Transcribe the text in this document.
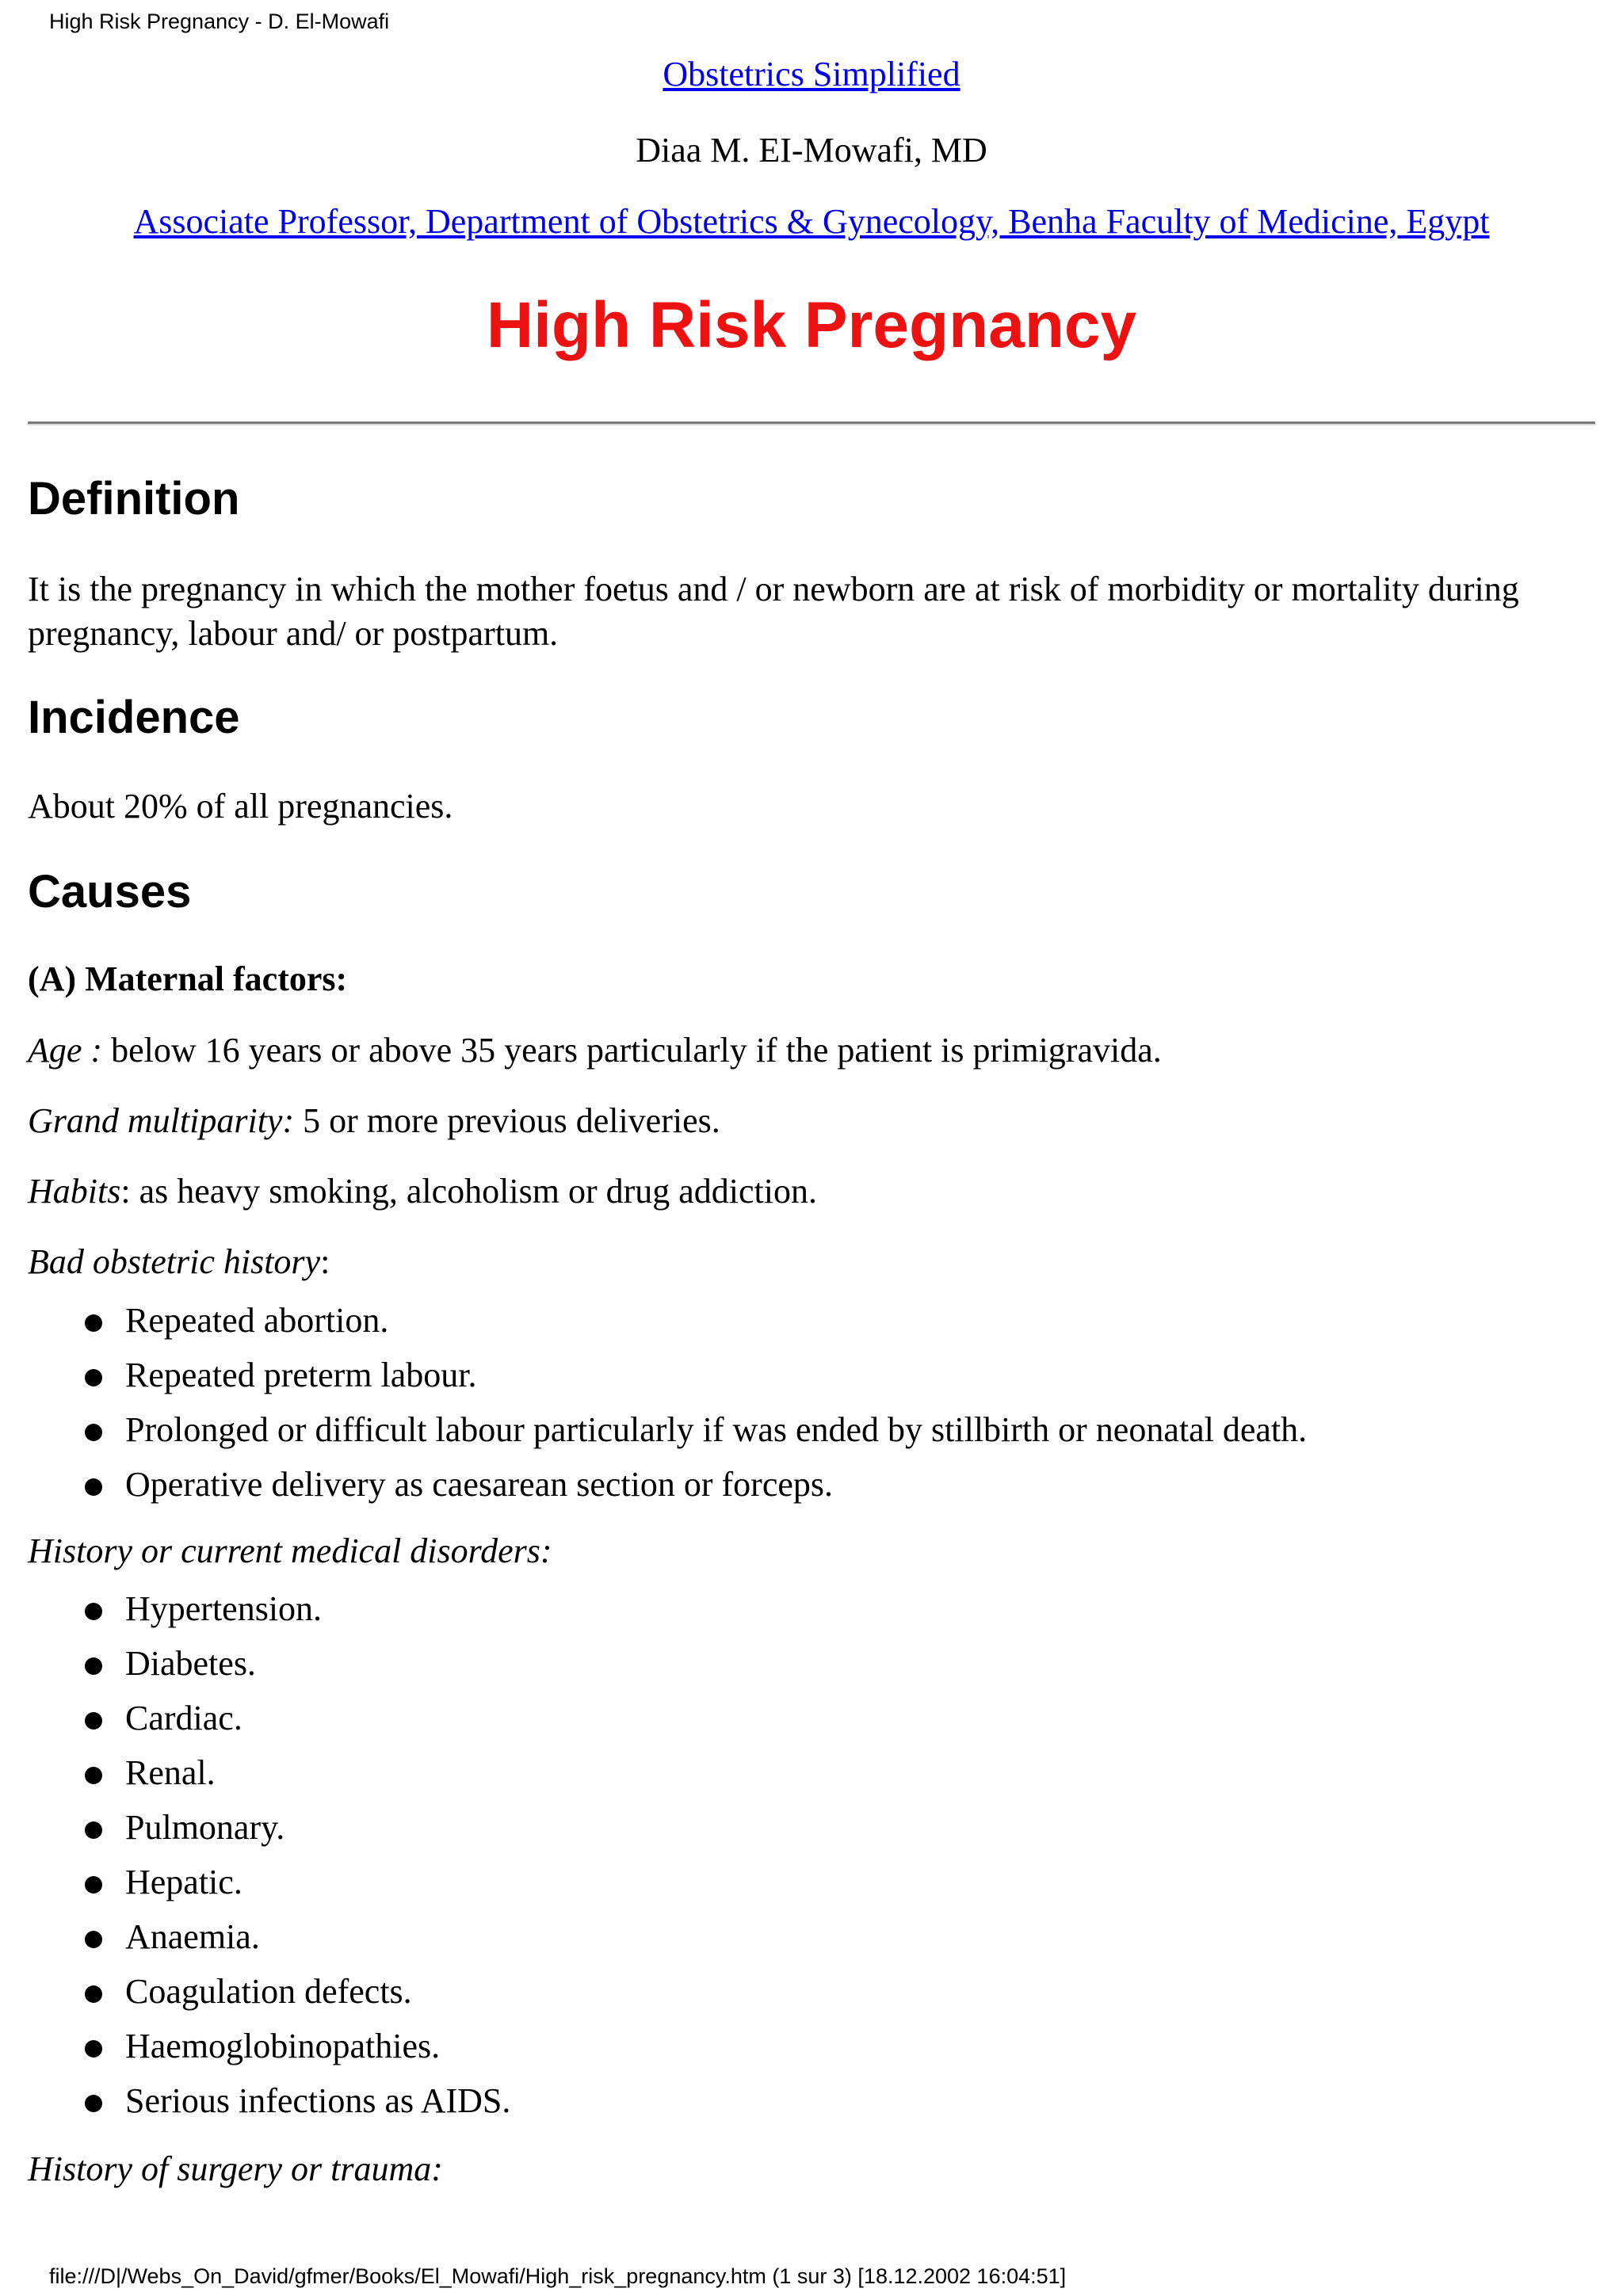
High Risk Pregnancy - D. El-Mowafi
Obstetrics Simplified
Diaa M. EI-Mowafi, MD
Associate Professor, Department of Obstetrics & Gynecology, Benha Faculty of Medicine, Egypt
High Risk Pregnancy
Definition

It is the pregnancy in which the mother foetus and / or newborn are at risk of morbidity or mortality during pregnancy, labour and/ or postpartum.

Incidence

About 20% of all pregnancies.

Causes

(A) Maternal factors:

Age : below 16 years or above 35 years particularly if the patient is primigravida.

Grand multiparity: 5 or more previous deliveries.

Habits: as heavy smoking, alcoholism or drug addiction.

Bad obstetric history:

Repeated abortion.
Repeated preterm labour.
Prolonged or difficult labour particularly if was ended by stillbirth or neonatal death.
Operative delivery as caesarean section or forceps.

History or current medical disorders:

Hypertension.
Diabetes.
Cardiac.
Renal.
Pulmonary.
Hepatic.
Anaemia.
Coagulation defects.
Haemoglobinopathies.
Serious infections as AIDS.

History of surgery or trauma:

file:///D|/Webs_On_David/gfmer/Books/El_Mowafi/High_risk_pregnancy.htm (1 sur 3) [18.12.2002 16:04:51]
